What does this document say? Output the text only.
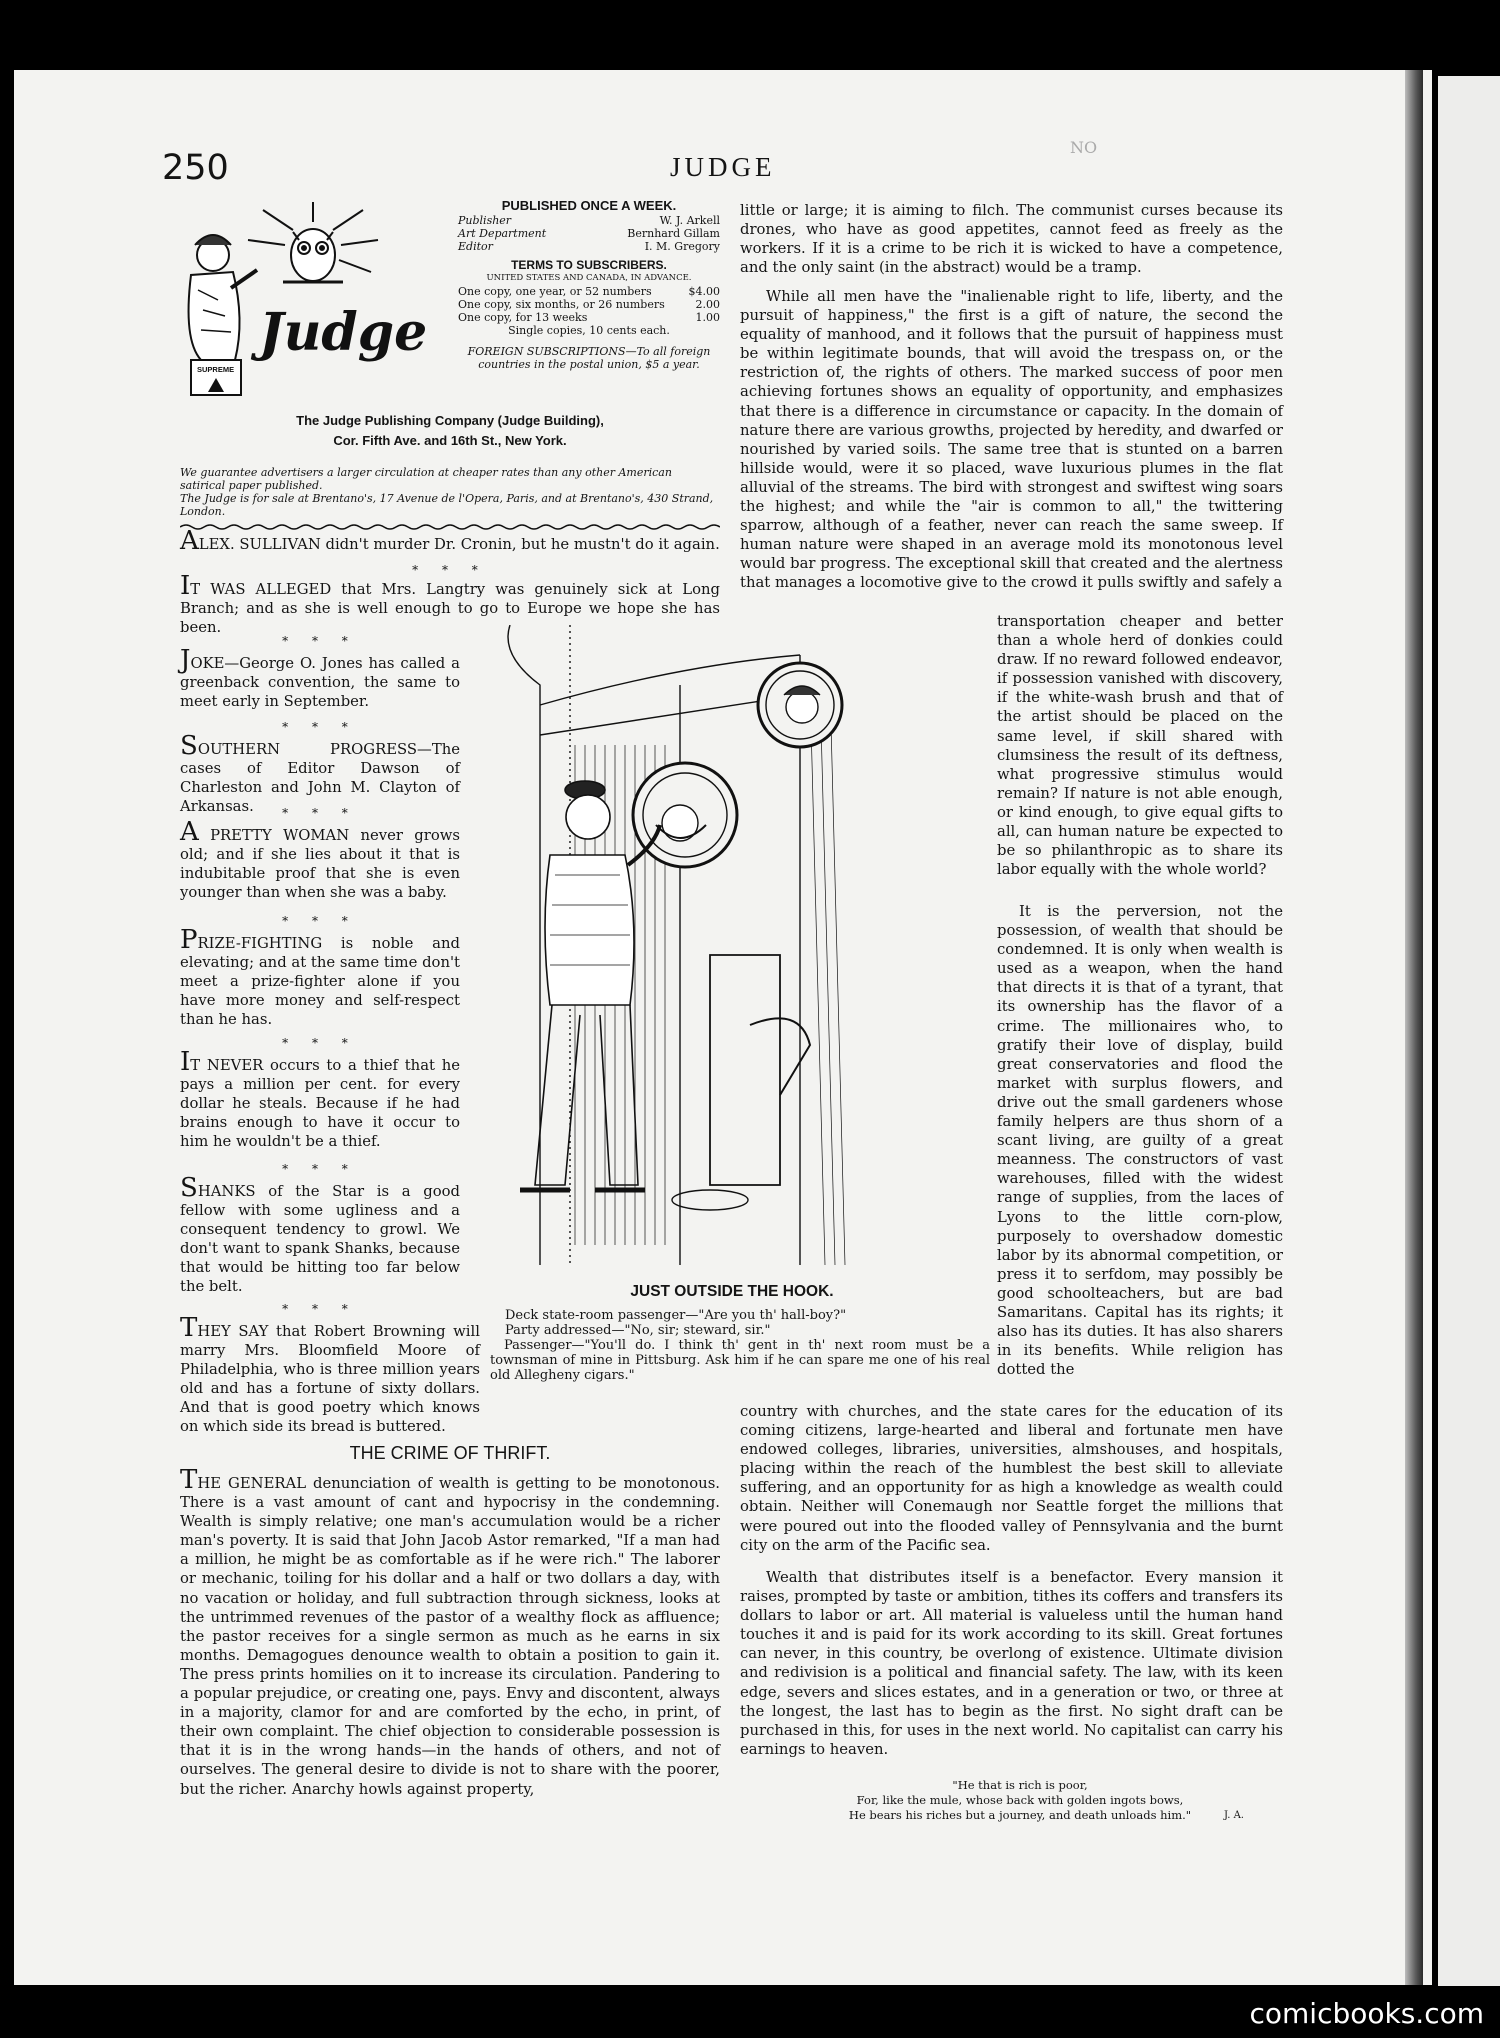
250	JUDGE
NO
SUPREME
Judge
PUBLISHED ONCE A WEEK.
Publisher	W. J. Arkell
Art Department	Bernhard Gillam
Editor	I. M. Gregory
TERMS TO SUBSCRIBERS.
UNITED STATES AND CANADA, IN ADVANCE.
One copy, one year, or 52 numbers	$4.00
One copy, six months, or 26 numbers	2.00
One copy, for 13 weeks	1.00
Single copies, 10 cents each.
FOREIGN SUBSCRIPTIONS—To all foreign countries in the postal union, $5 a year.
The Judge Publishing Company (Judge Building),
Cor. Fifth Ave. and 16th St., New York.
We guarantee advertisers a larger circulation at cheaper rates than any other American satirical paper published.
The Judge is for sale at Brentano's, 17 Avenue de l'Opera, Paris, and at Brentano's, 430 Strand, London.
ALEX. SULLIVAN didn't murder Dr. Cronin, but he mustn't do it again.
* * *
IT WAS ALLEGED that Mrs. Langtry was genuinely sick at Long Branch; and as she is well enough to go to Europe we hope she has been.
* * *
JOKE—George O. Jones has called a greenback convention, the same to meet early in September.
* * *
SOUTHERN PROGRESS—The cases of Editor Dawson of Charleston and John M. Clayton of Arkansas.	* * *
A PRETTY WOMAN never grows old; and if she lies about it that is indubitable proof that she is even younger than when she was a baby.
* * *
PRIZE-FIGHTING is noble and elevating; and at the same time don't meet a prize-fighter alone if you have more money and self-respect than he has.
* * *
IT NEVER occurs to a thief that he pays a million per cent. for every dollar he steals. Because if he had brains enough to have it occur to him he wouldn't be a thief.
* * *
SHANKS of the Star is a good fellow with some ugliness and a consequent tendency to growl. We don't want to spank Shanks, because that would be hitting too far below the belt.
* * *
THEY SAY that Robert Browning will marry Mrs. Bloomfield Moore of Philadelphia, who is three million years old and has a fortune of sixty dollars. And that is good poetry which knows on which side its bread is buttered.
JUST OUTSIDE THE HOOK.
Deck state-room passenger—"Are you th' hall-boy?"
Party addressed—"No, sir; steward, sir."
Passenger—"You'll do. I think th' gent in th' next room must be a townsman of mine in Pittsburg. Ask him if he can spare me one of his real old Allegheny cigars."
THE CRIME OF THRIFT.
THE GENERAL denunciation of wealth is getting to be monotonous. There is a vast amount of cant and hypocrisy in the condemning. Wealth is simply relative; one man's accumulation would be a richer man's poverty. It is said that John Jacob Astor remarked, "If a man had a million, he might be as comfortable as if he were rich." The laborer or mechanic, toiling for his dollar and a half or two dollars a day, with no vacation or holiday, and full subtraction through sickness, looks at the untrimmed revenues of the pastor of a wealthy flock as affluence; the pastor receives for a single sermon as much as he earns in six months. Demagogues denounce wealth to obtain a position to gain it. The press prints homilies on it to increase its circulation. Pandering to a popular prejudice, or creating one, pays. Envy and discontent, always in a majority, clamor for and are comforted by the echo, in print, of their own complaint. The chief objection to considerable possession is that it is in the wrong hands—in the hands of others, and not of ourselves. The general desire to divide is not to share with the poorer, but the richer. Anarchy howls against property,
little or large; it is aiming to filch. The communist curses because its drones, who have as good appetites, cannot feed as freely as the workers. If it is a crime to be rich it is wicked to have a competence, and the only saint (in the abstract) would be a tramp.
While all men have the "inalienable right to life, liberty, and the pursuit of happiness," the first is a gift of nature, the second the equality of manhood, and it follows that the pursuit of happiness must be within legitimate bounds, that will avoid the trespass on, or the restriction of, the rights of others. The marked success of poor men achieving fortunes shows an equality of opportunity, and emphasizes that there is a difference in circumstance or capacity. In the domain of nature there are various growths, projected by heredity, and dwarfed or nourished by varied soils. The same tree that is stunted on a barren hillside would, were it so placed, wave luxurious plumes in the flat alluvial of the streams. The bird with strongest and swiftest wing soars the highest; and while the "air is common to all," the twittering sparrow, although of a feather, never can reach the same sweep. If human nature were shaped in an average mold its monotonous level would bar progress. The exceptional skill that created and the alertness that manages a locomotive give to the crowd it pulls swiftly and safely a
transportation cheaper and better than a whole herd of donkies could draw. If no reward followed endeavor, if possession vanished with discovery, if the white-wash brush and that of the artist should be placed on the same level, if skill shared with clumsiness the result of its deftness, what progressive stimulus would remain? If nature is not able enough, or kind enough, to give equal gifts to all, can human nature be expected to be so philanthropic as to share its labor equally with the whole world?
It is the perversion, not the possession, of wealth that should be condemned. It is only when wealth is used as a weapon, when the hand that directs it is that of a tyrant, that its ownership has the flavor of a crime. The millionaires who, to gratify their love of display, build great conservatories and flood the market with surplus flowers, and drive out the small gardeners whose family helpers are thus shorn of a scant living, are guilty of a great meanness. The constructors of vast warehouses, filled with the widest range of supplies, from the laces of Lyons to the little corn-plow, purposely to overshadow domestic labor by its abnormal competition, or press it to serfdom, may possibly be good schoolteachers, but are bad Samaritans. Capital has its rights; it also has its duties. It has also sharers in its benefits. While religion has dotted the
country with churches, and the state cares for the education of its coming citizens, large-hearted and liberal and fortunate men have endowed colleges, libraries, universities, almshouses, and hospitals, placing within the reach of the humblest the best skill to alleviate suffering, and an opportunity for as high a knowledge as wealth could obtain. Neither will Conemaugh nor Seattle forget the millions that were poured out into the flooded valley of Pennsylvania and the burnt city on the arm of the Pacific sea.
Wealth that distributes itself is a benefactor. Every mansion it raises, prompted by taste or ambition, tithes its coffers and transfers its dollars to labor or art. All material is valueless until the human hand touches it and is paid for its work according to its skill. Great fortunes can never, in this country, be overlong of existence. Ultimate division and redivision is a political and financial safety. The law, with its keen edge, severs and slices estates, and in a generation or two, or three at the longest, the last has to begin as the first. No sight draft can be purchased in this, for uses in the next world. No capitalist can carry his earnings to heaven.
"He that is rich is poor,
For, like the mule, whose back with golden ingots bows,
He bears his riches but a journey, and death unloads him."	J. A.
comicbooks.com
